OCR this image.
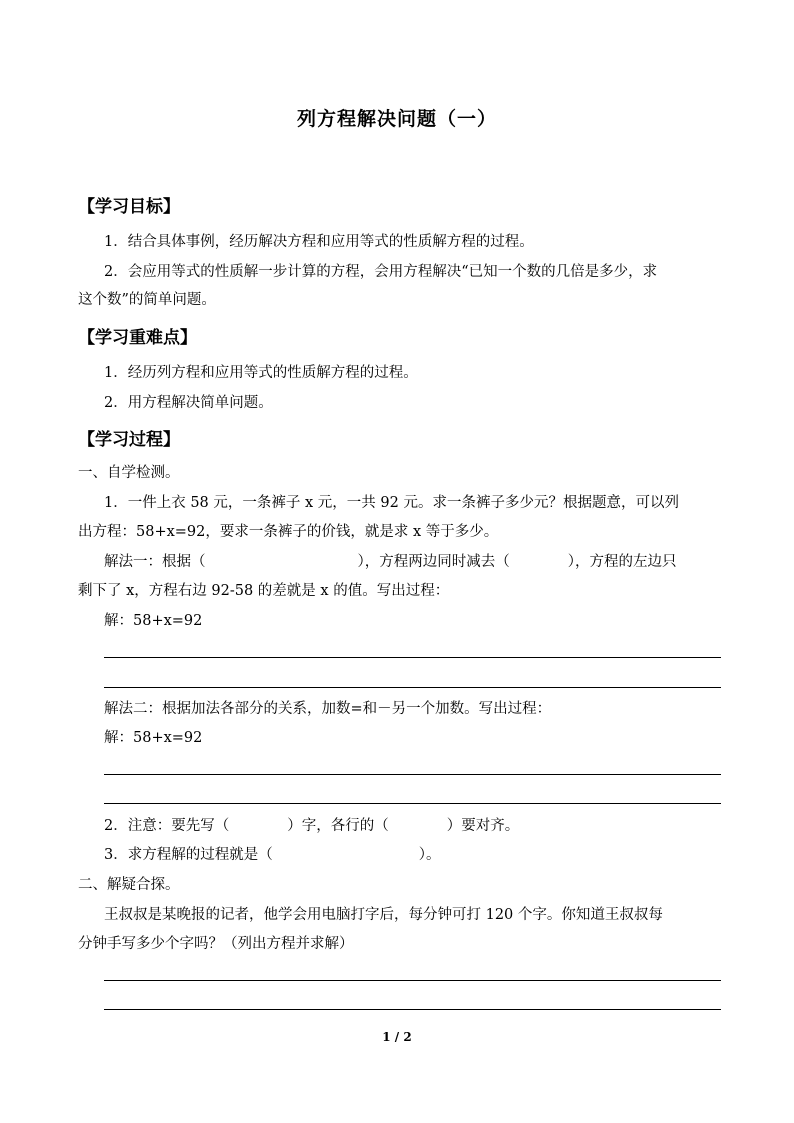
列方程解决问题（一）
【学习目标】
1．结合具体事例，经历解决方程和应用等式的性质解方程的过程。
2．会应用等式的性质解一步计算的方程，会用方程解决“已知一个数的几倍是多少，求
这个数”的简单问题。
【学习重难点】
1．经历列方程和应用等式的性质解方程的过程。
2．用方程解决简单问题。
【学习过程】
一、自学检测。
1．一件上衣 58 元，一条裤子 x 元，一共 92 元。求一条裤子多少元？根据题意，可以列
出方程：58+x=92，要求一条裤子的价钱，就是求 x 等于多少。
解法一：根据（	），方程两边同时减去（	），方程的左边只
剩下了 x，方程右边 92-58 的差就是 x 的值。写出过程：
解：58+x=92
解法二：根据加法各部分的关系，加数=和－另一个加数。写出过程：
解：58+x=92
2．注意：要先写（	）字，各行的（	）要对齐。
3．求方程解的过程就是（	）。
二、解疑合探。
王叔叔是某晚报的记者，他学会用电脑打字后，每分钟可打 120 个字。你知道王叔叔每
分钟手写多少个字吗？（列出方程并求解）
1 / 2
